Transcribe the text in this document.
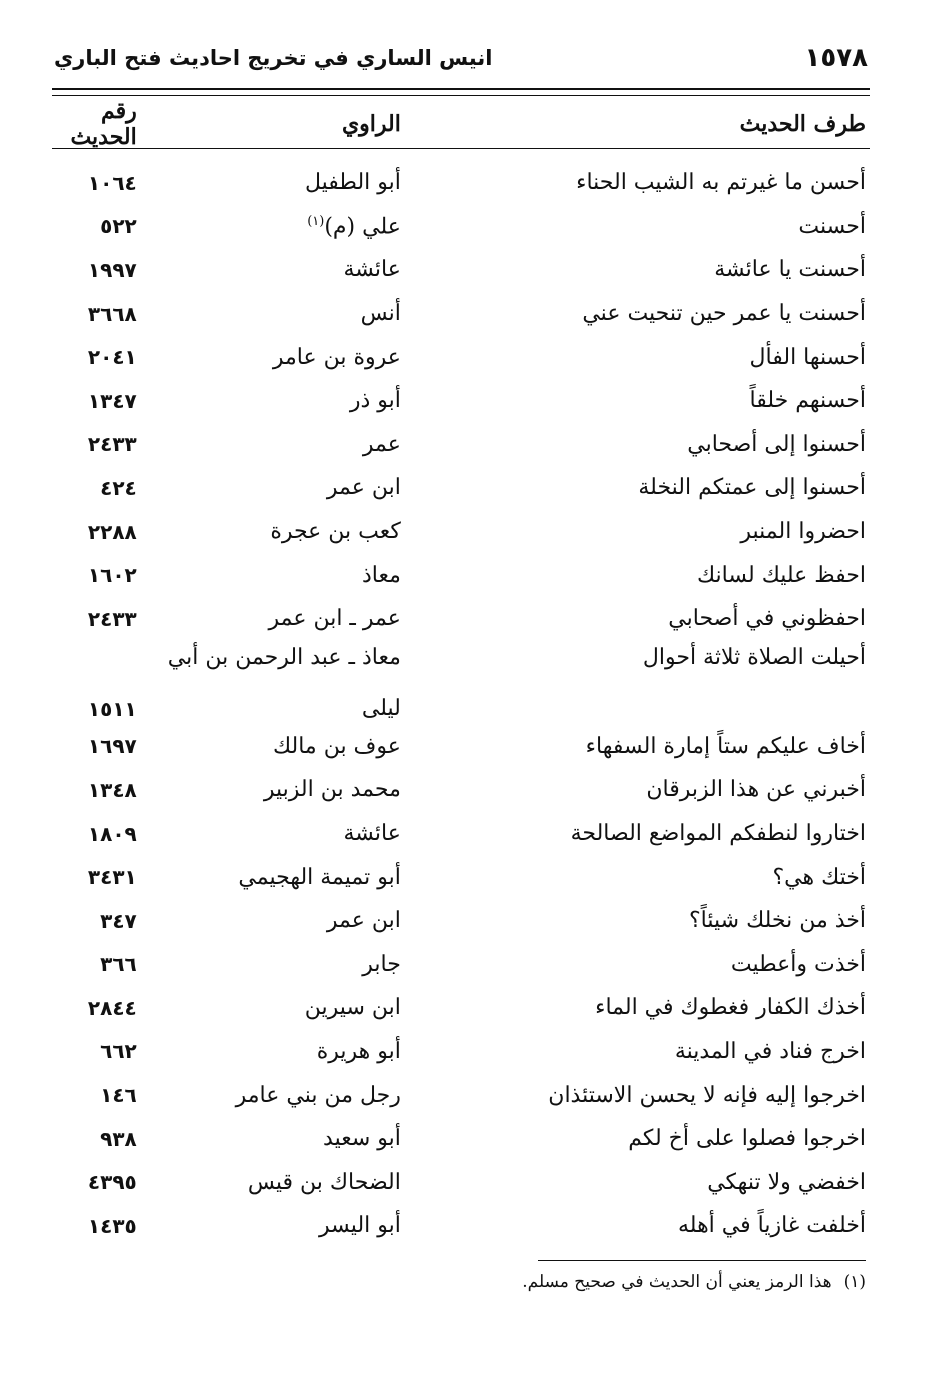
١٥٧٨
انيس الساري في تخريج احاديث فتح الباري
طرف الحديث
الراوي
رقم الحديث
أحسن ما غيرتم به الشيب الحناء
أبو الطفيل
١٠٦٤
أحسنت
علي (م)$^{(١)}$
٥٢٢
أحسنت يا عائشة
عائشة
١٩٩٧
أحسنت يا عمر حين تنحيت عني
أنس
٣٦٦٨
أحسنها الفأل
عروة بن عامر
٢٠٤١
أحسنهم خلقاً
أبو ذر
١٣٤٧
أحسنوا إلى أصحابي
عمر
٢٤٣٣
أحسنوا إلى عمتكم النخلة
ابن عمر
٤٢٤
احضروا المنبر
كعب بن عجرة
٢٢٨٨
احفظ عليك لسانك
معاذ
١٦٠٢
احفظوني في أصحابي
عمر ـ ابن عمر
٢٤٣٣
أحيلت الصلاة ثلاثة أحوال
معاذ ـ عبد الرحمن بن أبي
ليلى
١٥١١
أخاف عليكم ستاً إمارة السفهاء
عوف بن مالك
١٦٩٧
أخبرني عن هذا الزبرقان
محمد بن الزبير
١٣٤٨
اختاروا لنطفكم المواضع الصالحة
عائشة
١٨٠٩
أختك هي؟
أبو تميمة الهجيمي
٣٤٣١
أخذ من نخلك شيئاً؟
ابن عمر
٣٤٧
أخذت وأعطيت
جابر
٣٦٦
أخذك الكفار فغطوك في الماء
ابن سيرين
٢٨٤٤
اخرج فناد في المدينة
أبو هريرة
٦٦٢
اخرجوا إليه فإنه لا يحسن الاستئذان
رجل من بني عامر
١٤٦
اخرجوا فصلوا على أخ لكم
أبو سعيد
٩٣٨
اخفضي ولا تنهكي
الضحاك بن قيس
٤٣٩٥
أخلفت غازياً في أهله
أبو اليسر
١٤٣٥
(١)
هذا الرمز يعني أن الحديث في صحيح مسلم.
